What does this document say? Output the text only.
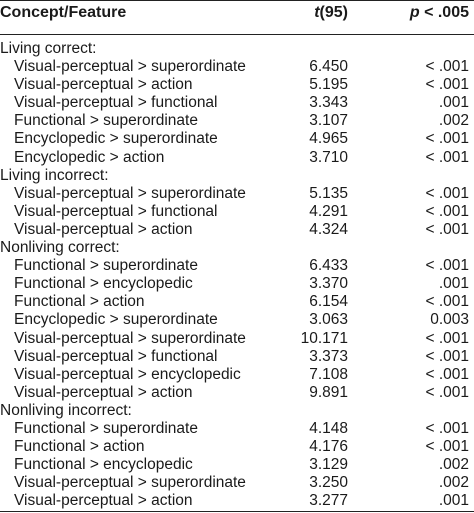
Concept/Feature	t(95)	p < .005
Living correct:
Visual-perceptual > superordinate	6.450	< .001
Visual-perceptual > action	5.195	< .001
Visual-perceptual > functional	3.343	.001
Functional > superordinate	3.107	.002
Encyclopedic > superordinate	4.965	< .001
Encyclopedic > action	3.710	< .001
Living incorrect:
Visual-perceptual > superordinate	5.135	< .001
Visual-perceptual > functional	4.291	< .001
Visual-perceptual > action	4.324	< .001
Nonliving correct:
Functional > superordinate	6.433	< .001
Functional > encyclopedic	3.370	.001
Functional > action	6.154	< .001
Encyclopedic > superordinate	3.063	0.003
Visual-perceptual > superordinate	10.171	< .001
Visual-perceptual > functional	3.373	< .001
Visual-perceptual > encyclopedic	7.108	< .001
Visual-perceptual > action	9.891	< .001
Nonliving incorrect:
Functional > superordinate	4.148	< .001
Functional > action	4.176	< .001
Functional > encyclopedic	3.129	.002
Visual-perceptual > superordinate	3.250	.002
Visual-perceptual > action	3.277	.001
